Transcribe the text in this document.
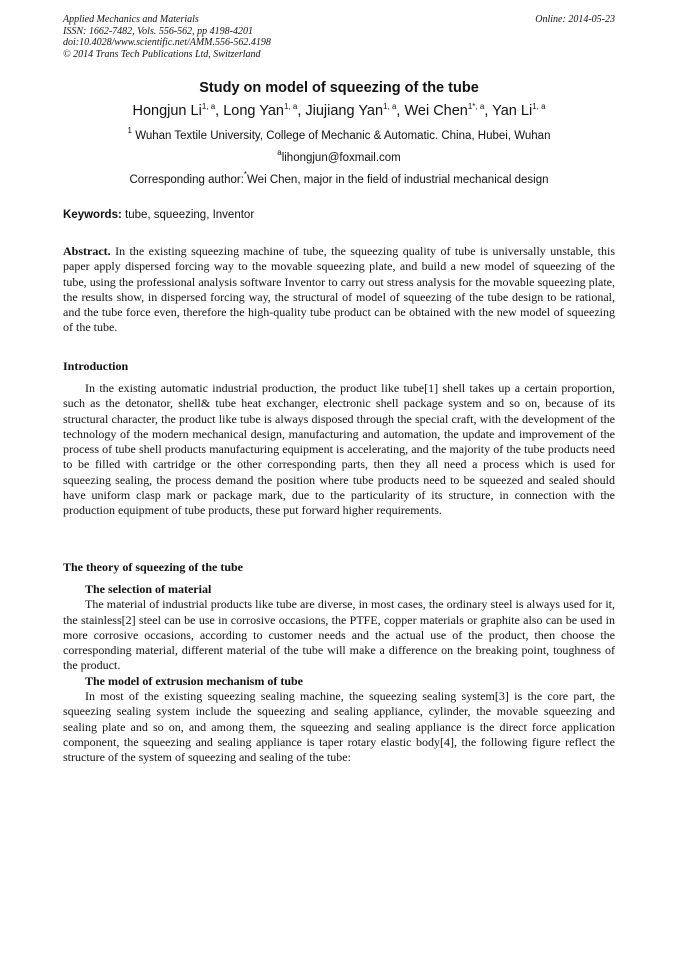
Applied Mechanics and Materials
ISSN: 1662-7482, Vols. 556-562, pp 4198-4201
doi:10.4028/www.scientific.net/AMM.556-562.4198
© 2014 Trans Tech Publications Ltd, Switzerland
Online: 2014-05-23
Study on model of squeezing of the tube
Hongjun Li$^{1, a}$, Long Yan$^{1, a}$, Jiujiang Yan$^{1, a}$, Wei Chen$^{1*, a}$, Yan Li$^{1, a}$
$^1$ Wuhan Textile University, College of Mechanic & Automatic. China, Hubei, Wuhan
$^a$lihongjun@foxmail.com
Corresponding author:*Wei Chen, major in the field of industrial mechanical design
Keywords: tube, squeezing, Inventor

Abstract. In the existing squeezing machine of tube, the squeezing quality of tube is universally unstable, this paper apply dispersed forcing way to the movable squeezing plate, and build a new model of squeezing of the tube, using the professional analysis software Inventor to carry out stress analysis for the movable squeezing plate, the results show, in dispersed forcing way, the structural of model of squeezing of the tube design to be rational, and the tube force even, therefore the high-quality tube product can be obtained with the new model of squeezing of the tube.

Introduction

In the existing automatic industrial production, the product like tube[1] shell takes up a certain proportion, such as the detonator, shell& tube heat exchanger, electronic shell package system and so on, because of its structural character, the product like tube is always disposed through the special craft, with the development of the technology of the modern mechanical design, manufacturing and automation, the update and improvement of the process of tube shell products manufacturing equipment is accelerating, and the majority of the tube products need to be filled with cartridge or the other corresponding parts, then they all need a process which is used for squeezing sealing, the process demand the position where tube products need to be squeezed and sealed should have uniform clasp mark or package mark, due to the particularity of its structure, in connection with the production equipment of tube products, these put forward higher requirements.

The theory of squeezing of the tube
The selection of material

The material of industrial products like tube are diverse, in most cases, the ordinary steel is always used for it, the stainless[2] steel can be use in corrosive occasions, the PTFE, copper materials or graphite also can be used in more corrosive occasions, according to customer needs and the actual use of the product, then choose the corresponding material, different material of the tube will make a difference on the breaking point, toughness of the product.

The model of extrusion mechanism of tube

In most of the existing squeezing sealing machine, the squeezing sealing system[3] is the core part, the squeezing sealing system include the squeezing and sealing appliance, cylinder, the movable squeezing and sealing plate and so on, and among them, the squeezing and sealing appliance is the direct force application component, the squeezing and sealing appliance is taper rotary elastic body[4], the following figure reflect the structure of the system of squeezing and sealing of the tube:
